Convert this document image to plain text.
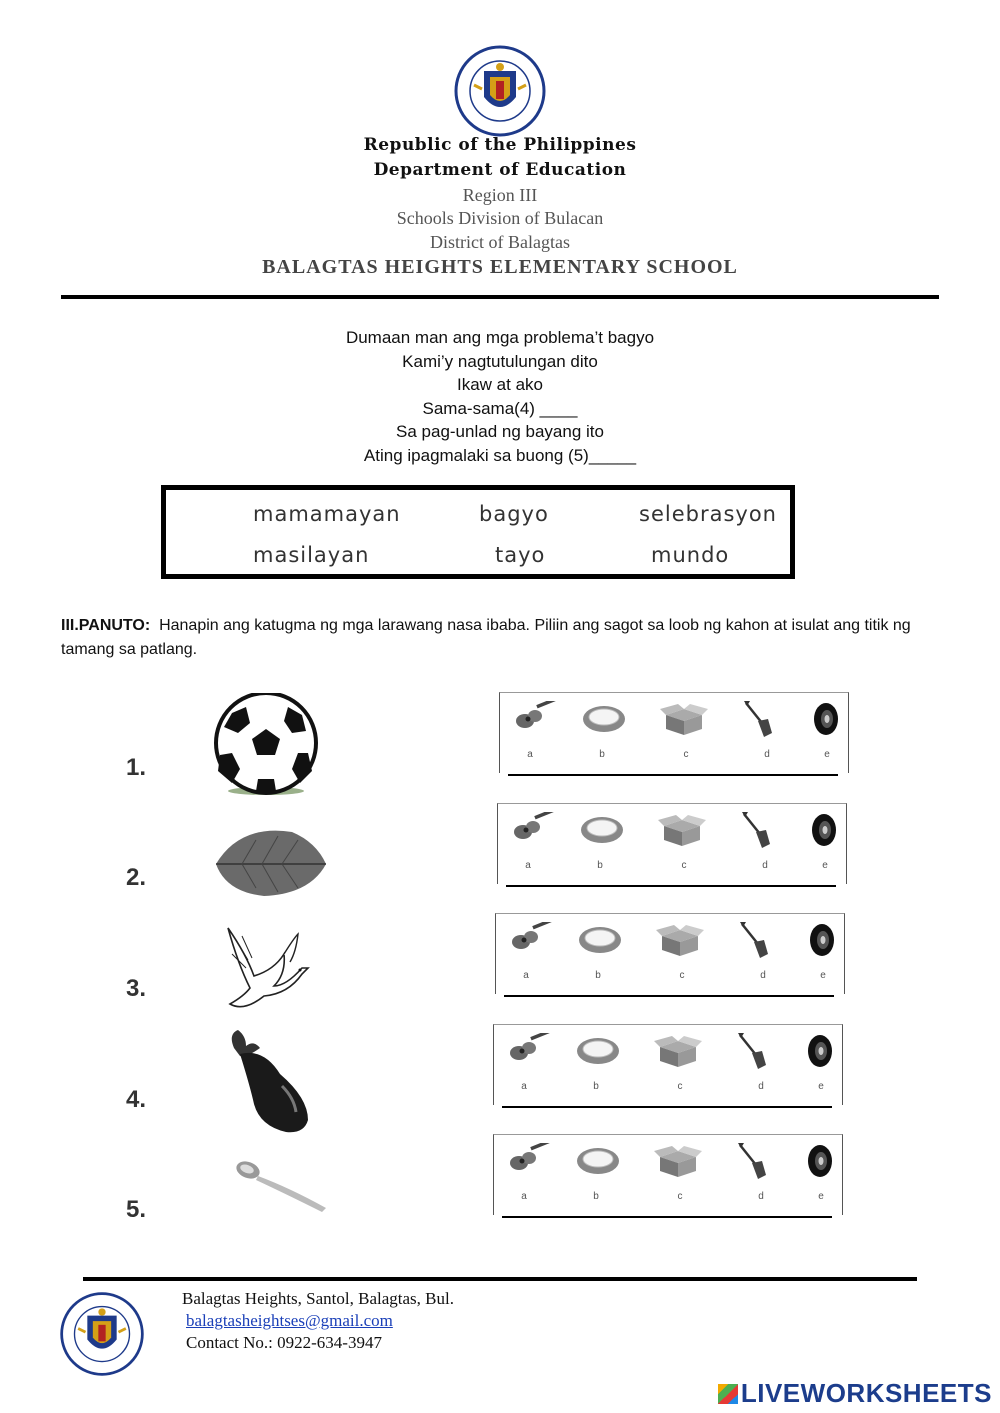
Republic of the Philippines
Department of Education
Region III
Schools Division of Bulacan
District of Balagtas
BALAGTAS HEIGHTS ELEMENTARY SCHOOL
Dumaan man ang mga problema’t bagyo
Kami’y nagtutulungan dito
Ikaw at ako
Sama-sama(4) ____
Sa pag-unlad ng bayang ito
Ating ipagmalaki sa buong (5)_____
mamamayan	bagyo	selebrasyon
masilayan	tayo	mundo
III.PANUTO: Hanapin ang katugma ng mga larawang nasa ibaba. Piliin ang sagot sa loob ng kahon at isulat ang titik ng tamang sa patlang.
1.
2.
3.
4.
5.
a	b	c	d	e
a	b	c	d	e
a	b	c	d	e
a	b	c	d	e
a	b	c	d	e
Balagtas Heights, Santol, Balagtas, Bul.
balagtasheightses@gmail.com
Contact No.: 0922-634-3947
LIVEWORKSHEETS
